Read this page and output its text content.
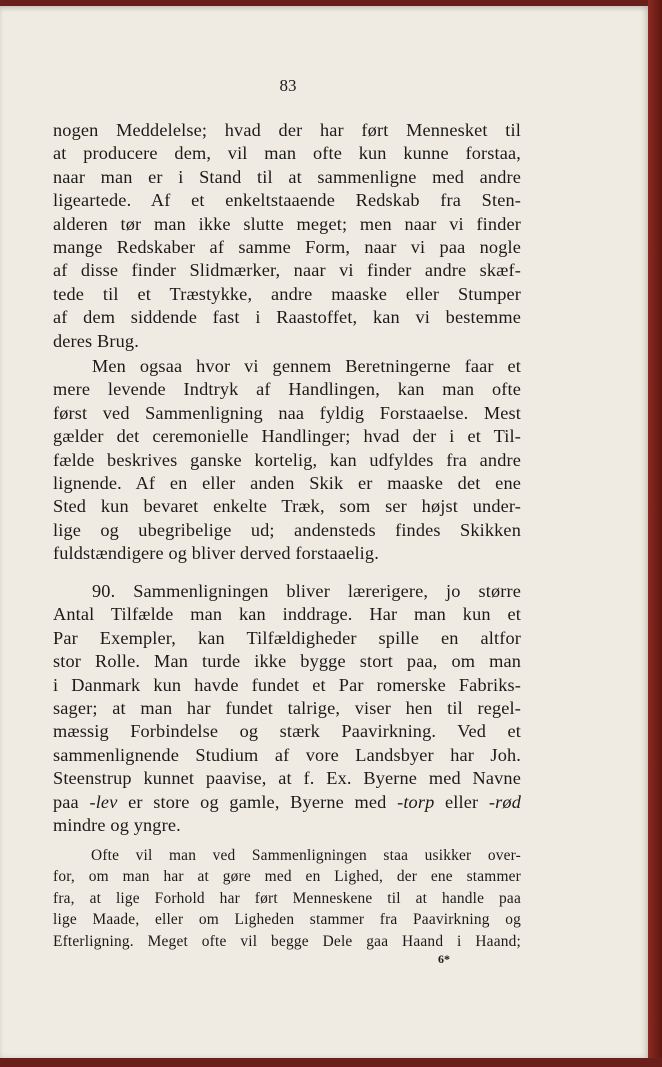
83
nogen Meddelelse; hvad der har ført Mennesket til
at producere dem, vil man ofte kun kunne forstaa,
naar man er i Stand til at sammenligne med andre
ligeartede. Af et enkeltstaaende Redskab fra Sten-
alderen tør man ikke slutte meget; men naar vi finder
mange Redskaber af samme Form, naar vi paa nogle
af disse finder Slidmærker, naar vi finder andre skæf-
tede til et Træstykke, andre maaske eller Stumper
af dem siddende fast i Raastoffet, kan vi bestemme
deres Brug.
Men ogsaa hvor vi gennem Beretningerne faar et
mere levende Indtryk af Handlingen, kan man ofte
først ved Sammenligning naa fyldig Forstaaelse. Mest
gælder det ceremonielle Handlinger; hvad der i et Til-
fælde beskrives ganske kortelig, kan udfyldes fra andre
lignende. Af en eller anden Skik er maaske det ene
Sted kun bevaret enkelte Træk, som ser højst under-
lige og ubegribelige ud; andensteds findes Skikken
fuldstændigere og bliver derved forstaaelig.
90. Sammenligningen bliver lærerigere, jo større
Antal Tilfælde man kan inddrage. Har man kun et
Par Exempler, kan Tilfældigheder spille en altfor
stor Rolle. Man turde ikke bygge stort paa, om man
i Danmark kun havde fundet et Par romerske Fabriks-
sager; at man har fundet talrige, viser hen til regel-
mæssig Forbindelse og stærk Paavirkning. Ved et
sammenlignende Studium af vore Landsbyer har Joh.
Steenstrup kunnet paavise, at f. Ex. Byerne med Navne
paa -lev er store og gamle, Byerne med -torp eller -rød
mindre og yngre.
Ofte vil man ved Sammenligningen staa usikker over-
for, om man har at gøre med en Lighed, der ene stammer
fra, at lige Forhold har ført Menneskene til at handle paa
lige Maade, eller om Ligheden stammer fra Paavirkning og
Efterligning. Meget ofte vil begge Dele gaa Haand i Haand;
6*
